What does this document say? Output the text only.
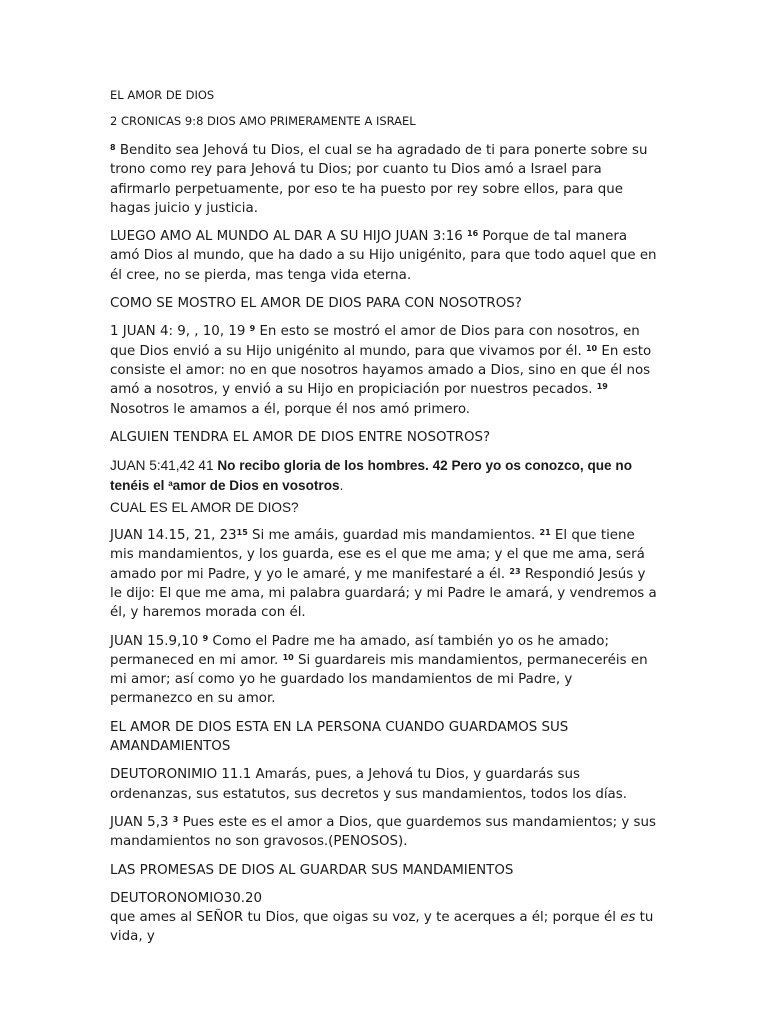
EL AMOR DE DIOS

2 CRONICAS 9:8 DIOS AMO PRIMERAMENTE A ISRAEL

$^8$ Bendito sea Jehová tu Dios, el cual se ha agradado de ti para ponerte sobre su trono como rey para Jehová tu Dios; por cuanto tu Dios amó a Israel para afirmarlo perpetuamente, por eso te ha puesto por rey sobre ellos, para que hagas juicio y justicia.

LUEGO AMO AL MUNDO AL DAR A SU HIJO JUAN 3:16 $^{16}$ Porque de tal manera amó Dios al mundo, que ha dado a su Hijo unigénito, para que todo aquel que en él cree, no se pierda, mas tenga vida eterna.

COMO SE MOSTRO EL AMOR DE DIOS PARA CON NOSOTROS?

1 JUAN 4: 9, , 10, 19 $^9$ En esto se mostró el amor de Dios para con nosotros, en que Dios envió a su Hijo unigénito al mundo, para que vivamos por él. $^{10}$ En esto consiste el amor: no en que nosotros hayamos amado a Dios, sino en que él nos amó a nosotros, y envió a su Hijo en propiciación por nuestros pecados. $^{19}$ Nosotros le amamos a él, porque él nos amó primero.

ALGUIEN TENDRA EL AMOR DE DIOS ENTRE NOSOTROS?

JUAN 5:41,42 41 No recibo gloria de los hombres. 42 Pero yo os conozco, que no tenéis el $^a$amor de Dios en vosotros.

CUAL ES EL AMOR DE DIOS?

JUAN 14.15, 21, $23^{15}$ Si me amáis, guardad mis mandamientos. $^{21}$ El que tiene mis mandamientos, y los guarda, ese es el que me ama; y el que me ama, será amado por mi Padre, y yo le amaré, y me manifestaré a él. $^{23}$ Respondió Jesús y le dijo: El que me ama, mi palabra guardará; y mi Padre le amará, y vendremos a él, y haremos morada con él.

JUAN 15.9,10 $^9$ Como el Padre me ha amado, así también yo os he amado; permaneced en mi amor. $^{10}$ Si guardareis mis mandamientos, permaneceréis en mi amor; así como yo he guardado los mandamientos de mi Padre, y permanezco en su amor.

EL AMOR DE DIOS ESTA EN LA PERSONA CUANDO GUARDAMOS SUS AMANDAMIENTOS

DEUTORONIMIO 11.1 Amarás, pues, a Jehová tu Dios, y guardarás sus ordenanzas, sus estatutos, sus decretos y sus mandamientos, todos los días.

JUAN 5,3 $^3$ Pues este es el amor a Dios, que guardemos sus mandamientos; y sus mandamientos no son gravosos.(PENOSOS).

LAS PROMESAS DE DIOS AL GUARDAR SUS MANDAMIENTOS

DEUTORONOMIO30.20
que ames al SEÑOR tu Dios, que oigas su voz, y te acerques a él; porque él es tu vida, y
